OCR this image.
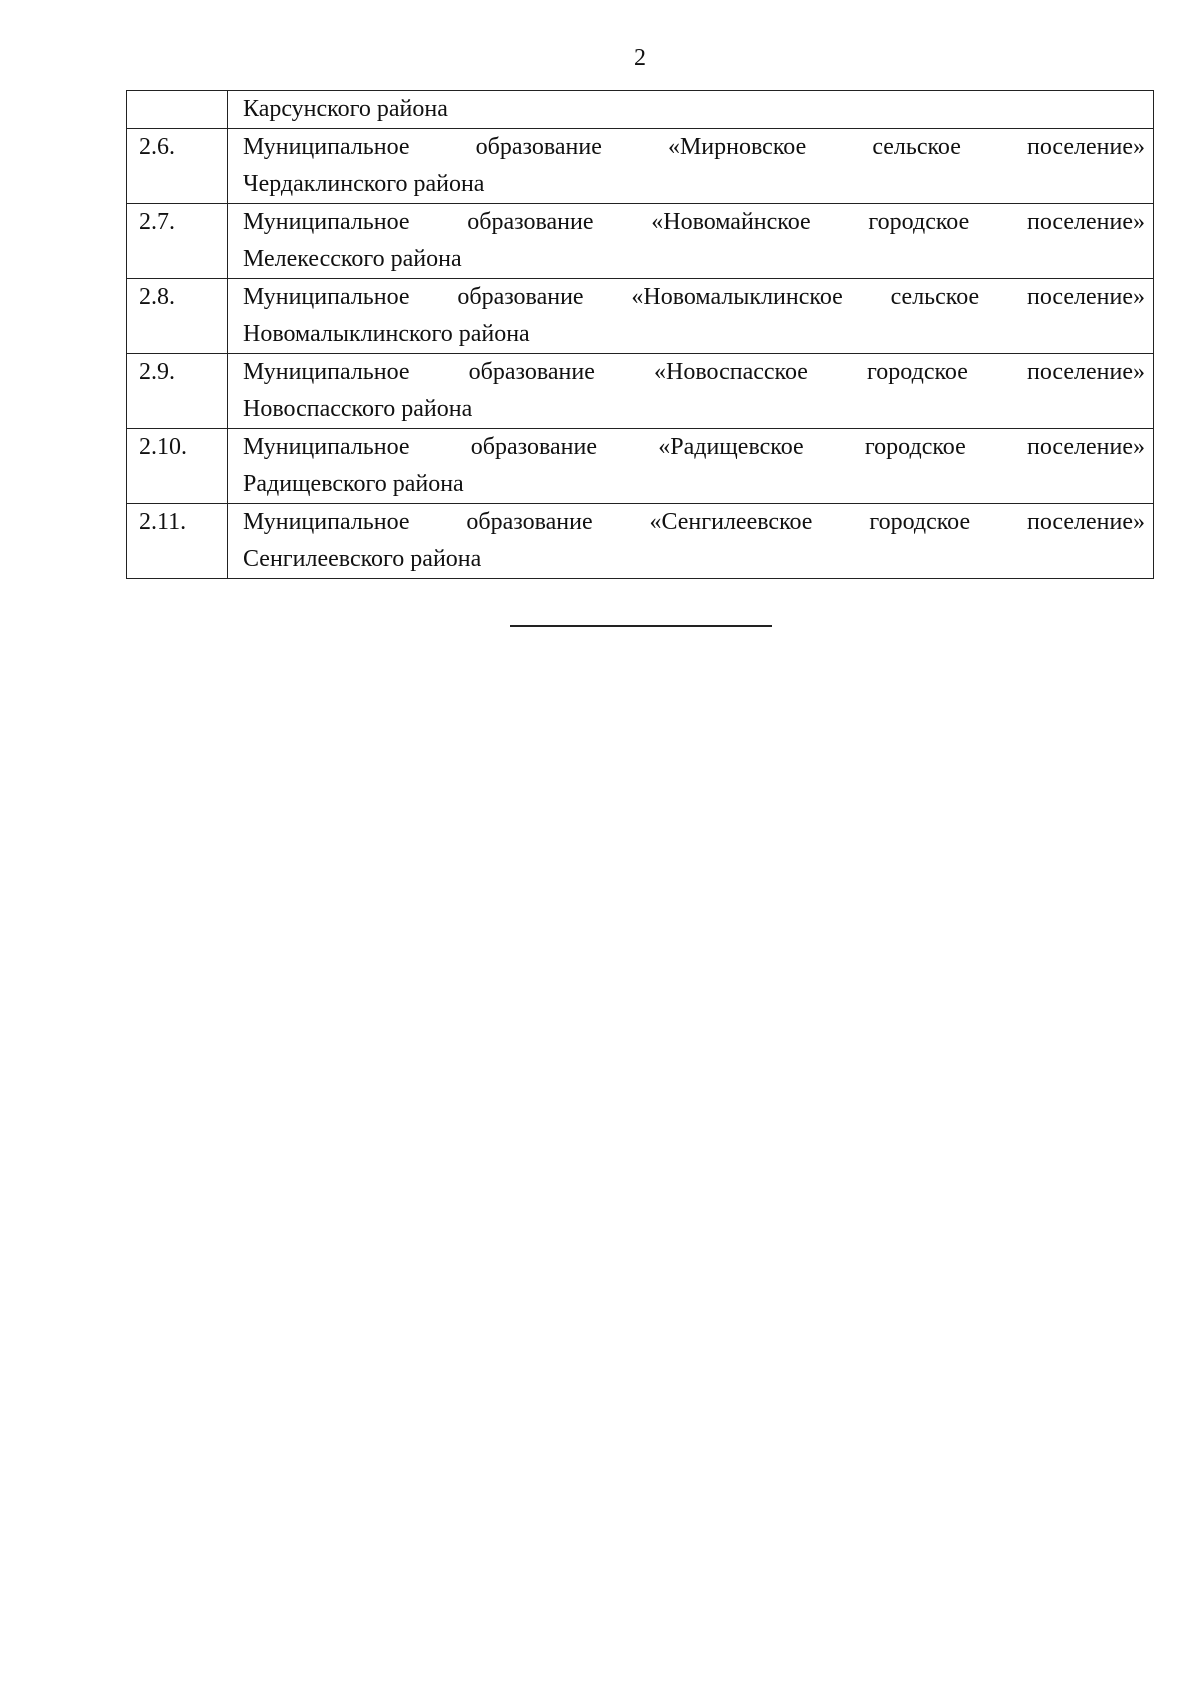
2

	Карсунского района

2.6.	Муниципальное образование «Мирновское сельское поселение»
Чердаклинского района

2.7.	Муниципальное образование «Новомайнское городское поселение»
Мелекесского района

2.8.	Муниципальное образование «Новомалыклинское сельское поселение»
Новомалыклинского района

2.9.	Муниципальное образование «Новоспасское городское поселение»
Новоспасского района

2.10.	Муниципальное образование «Радищевское городское поселение»
Радищевского района

2.11.	Муниципальное образование «Сенгилеевское городское поселение»
Сенгилеевского района
